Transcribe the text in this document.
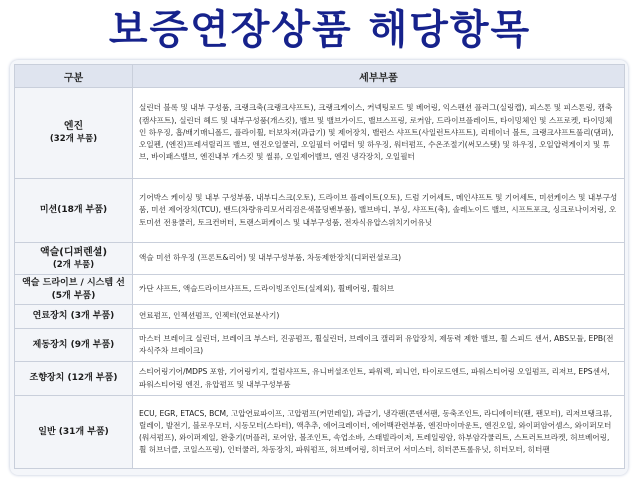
보증연장상품 해당항목
구분	세부부품

엔진
(32개 부품)	실린더 블록 및 내부 구성품, 크랭크축(크랭크샤프트), 크랭크케이스, 커넥팅로드 및 베어링, 익스팬션 플러그(실링캡), 피스톤 및 피스톤링, 캠축(캠샤프트), 실린더 헤드 및 내부구성품(개스킷), 밸브 및 밸브가이드, 밸브스프링, 로커암, 드라이브플레이트, 타이밍체인 및 스프로켓, 타이밍체인 하우징, 흡/배기매니폴드, 플라이휠, 터보차저(과급기) 및 제어장치, 밸런스 샤프트(사일런트샤프트), 리테이너 볼트, 크랭크샤프트풀리(댐퍼), 오일펜, (엔진)프레셔릴리프 밸브, 엔진오일쿨러, 오일필터 어댑터 및 하우징, 워터펌프, 수온조절기(써모스탯) 및 하우징, 오일압력게이지 및 튜브, 바이패스밸브, 엔진내부 개스킷 및 씰류, 오일제어밸브, 엔진 냉각장치, 오일필터
미션(18개 부품)	기어박스 케이싱 및 내부 구성부품, 내부디스크(오토), 드라이브 플레이트(오토), 드럼 기어세트, 메인샤프트 및 기어세트, 미션케이스 및 내부구성품, 미션 제어장치(TCU), 밴드(차량유리모서리검은색몰딩밴부품), 밸브바디, 부싱, 샤프트(축), 솔레노이드 밸브, 시프트포크, 싱크로나이저링, 오토미션 전용쿨러, 토크컨버터, 트랜스퍼케이스 및 내부구성품, 전자식유압스위치기어유닛

액슬(디퍼렌셜)
(2개 부품)	액슬 미션 하우징 (프론트&리어) 및 내부구성부품, 차동제한장치(디퍼런셜로크)
액슬 드라이브 / 시스템 선(5개 부품)	카단 샤프트, 액슬드라이브샤프트, 드라이빙조인트(실제외), 휠베어링, 휠허브
연료장치 (3개 부품)	연료펌프, 인젝션펌프, 인젝터(연료분사기)
제동장치 (9개 부품)	마스터 브레이크 실린더, 브레이크 부스터, 진공펌프, 휠실린더, 브레이크 캘리퍼 유압장치, 제동력 제한 밸브, 휠 스피드 센서, ABS모듈, EPB(전자식주차 브레이크)
조향장치 (12개 부품)	스티어링기어/MDPS 포함, 기어링키지, 컬럼샤프트, 유니버셜조인트, 파워렉, 피니언, 타이로드엔드, 파워스티어링 오일펌프, 리저브, EPS센서, 파워스티어링 엔진, 유압펌프 및 내부구성부품
일반 (31개 부품)	ECU, EGR, ETACS, BCM, 고압연료파이프, 고압펌프(커먼레일), 과급기, 냉각팬(콘덴서팬, 동축조인트, 라디에이터(팬, 팬모터), 리저브탱크류, 릴레이, 발전기, 블로우모터, 시동모터(스타터), 액추추, 에어크레이터, 에어백관련부품, 엔진마이마운트, 엔진오일, 와이퍼암어셈스, 와이퍼모터(워셔펌프), 와이퍼제일, 완충기(머플러, 로어암, 볼조인트, 속업소바, 스태빌라이저, 트레일링암, 하부암각쿨리트, 스트러트브라켓, 허브베어링, 휠 허브너클, 코일스프링), 인터쿨러, 차동장치, 파워펌프, 허브베어링, 히터코어 서미스터, 히터콘트롤유닛, 히터모터, 히터팬
